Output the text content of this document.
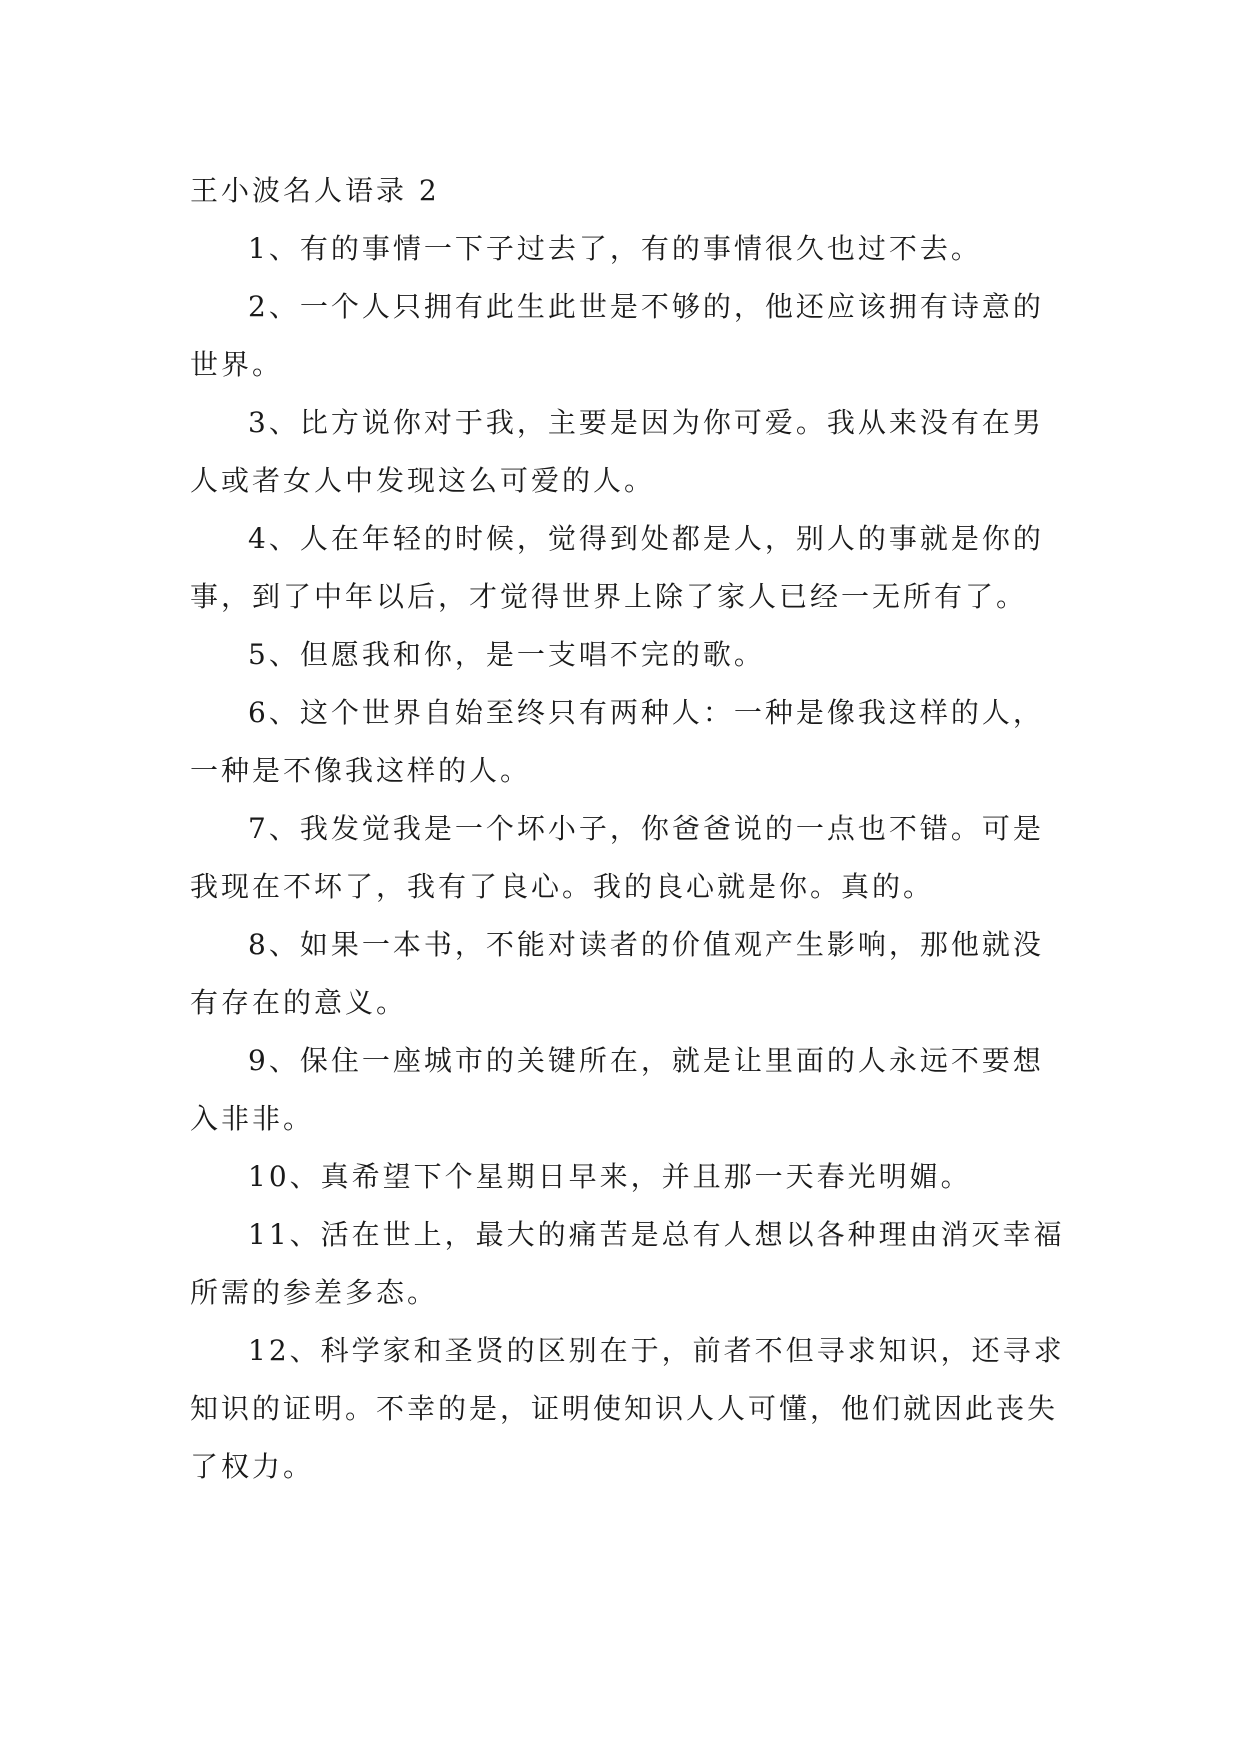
王小波名人语录 2

1、有的事情一下子过去了，有的事情很久也过不去。

2、一个人只拥有此生此世是不够的，他还应该拥有诗意的世界。

3、比方说你对于我，主要是因为你可爱。我从来没有在男人或者女人中发现这么可爱的人。

4、人在年轻的时候，觉得到处都是人，别人的事就是你的事，到了中年以后，才觉得世界上除了家人已经一无所有了。

5、但愿我和你，是一支唱不完的歌。

6、这个世界自始至终只有两种人：一种是像我这样的人，一种是不像我这样的人。

7、我发觉我是一个坏小子，你爸爸说的一点也不错。可是我现在不坏了，我有了良心。我的良心就是你。真的。

8、如果一本书，不能对读者的价值观产生影响，那他就没有存在的意义。

9、保住一座城市的关键所在，就是让里面的人永远不要想入非非。

10、真希望下个星期日早来，并且那一天春光明媚。

11、活在世上，最大的痛苦是总有人想以各种理由消灭幸福所需的参差多态。

12、科学家和圣贤的区别在于，前者不但寻求知识，还寻求知识的证明。不幸的是，证明使知识人人可懂，他们就因此丧失了权力。
